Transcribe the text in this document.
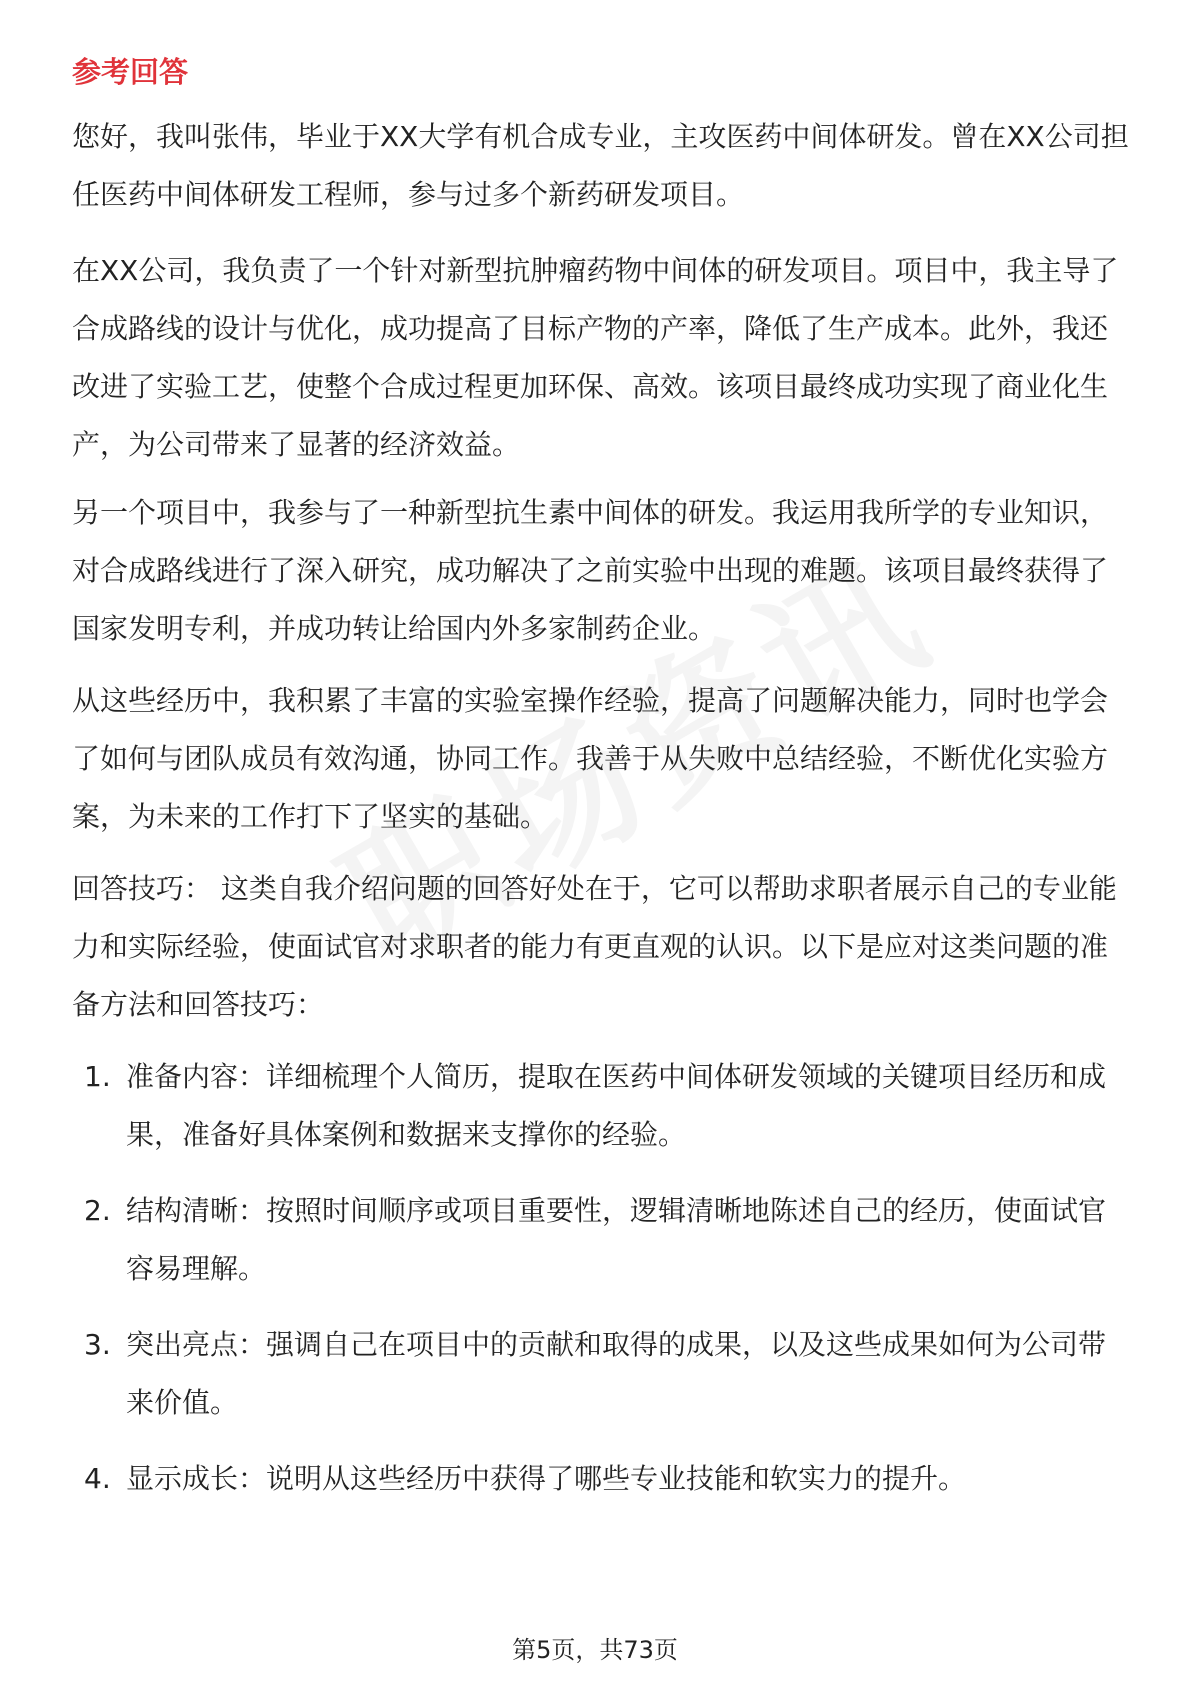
参考回答

您好，我叫张伟，毕业于XX大学有机合成专业，主攻医药中间体研发。曾在XX公司担任医药中间体研发工程师，参与过多个新药研发项目。

在XX公司，我负责了一个针对新型抗肿瘤药物中间体的研发项目。项目中，我主导了合成路线的设计与优化，成功提高了目标产物的产率，降低了生产成本。此外，我还改进了实验工艺，使整个合成过程更加环保、高效。该项目最终成功实现了商业化生产，为公司带来了显著的经济效益。

另一个项目中，我参与了一种新型抗生素中间体的研发。我运用我所学的专业知识，对合成路线进行了深入研究，成功解决了之前实验中出现的难题。该项目最终获得了国家发明专利，并成功转让给国内外多家制药企业。

从这些经历中，我积累了丰富的实验室操作经验，提高了问题解决能力，同时也学会了如何与团队成员有效沟通，协同工作。我善于从失败中总结经验，不断优化实验方案，为未来的工作打下了坚实的基础。

回答技巧： 这类自我介绍问题的回答好处在于，它可以帮助求职者展示自己的专业能力和实际经验，使面试官对求职者的能力有更直观的认识。以下是应对这类问题的准备方法和回答技巧：

1. 准备内容：详细梳理个人简历，提取在医药中间体研发领域的关键项目经历和成果，准备好具体案例和数据来支撑你的经验。
2. 结构清晰：按照时间顺序或项目重要性，逻辑清晰地陈述自己的经历，使面试官容易理解。
3. 突出亮点：强调自己在项目中的贡献和取得的成果，以及这些成果如何为公司带来价值。
4. 显示成长：说明从这些经历中获得了哪些专业技能和软实力的提升。
第5页，共73页
